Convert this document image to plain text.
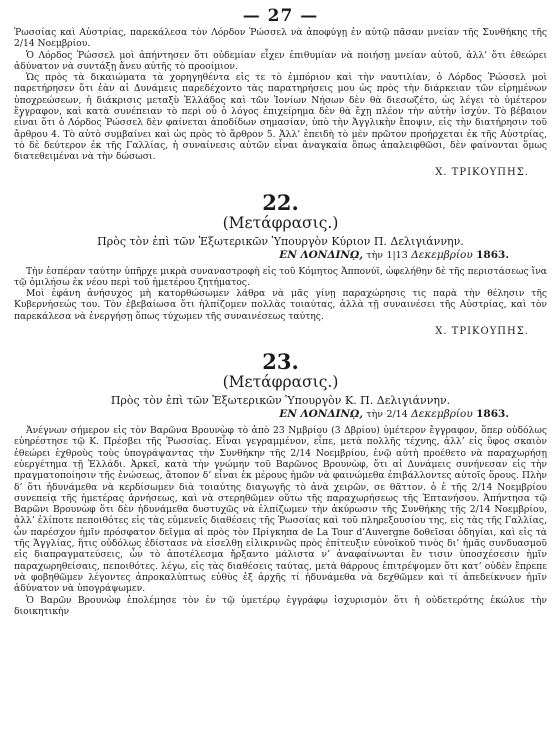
— 27 —

Ῥωσσίας καὶ Αὐστρίας, παρεκάλεσα τὸν Λόρδον Ῥώσσελ νὰ ἀποφύγῃ ἐν αὐτῷ πᾶσαν μνείαν τῆς Συνθήκης τῆς 2/14 Νοεμβρίου.

Ὁ Λόρδος Ῥώσσελ μοὶ ἀπήντησεν ὅτι οὐδεμίαν εἶχεν ἐπιθυμίαν νὰ ποιήσῃ μνείαν αὐτοῦ, ἀλλ’ ὅτι ἐθεώρει ἀδύνατον νὰ συντάξῃ ἄνευ αὐτῆς τὸ προοίμιον.

Ὡς πρὸς τὰ δικαιώματα τὰ χορηγηθέντα εἰς τε τὸ ἐμπόριον καὶ τὴν ναυτιλίαν, ὁ Λόρδος Ῥώσσελ μοὶ παρετήρησεν ὅτι ἐὰν αἱ Δυνάμεις παρεδέχοντο τὰς παρατηρήσεις μου ὡς πρὸς τὴν διάρκειαν τῶν εἰρημένων ὑποχρεώσεων, ἡ διάκρισις μεταξὺ Ἑλλάδος καὶ τῶν Ἰονίων Νήσων δὲν θὰ διεσωζέτο, ὡς λέγει τὸ ὑμέτερον ἔγγραφον, καὶ κατὰ συνέπειαν τὸ περὶ οὗ ὁ λόγος ἐπιχείρημα δὲν θὰ ἔχῃ πλέον τὴν αὐτὴν ἰσχύν. Τὸ βέβαιον εἶναι ὅτι ὁ Λόρδος Ῥώσσελ δὲν φαίνεται ἀποδίδων σημασίαν, ὑπὸ τὴν Ἀγγλικὴν ἔποψιν, εἰς τὴν διατήρησιν τοῦ ἄρθρου 4. Τὸ αὐτὸ συμβαίνει καὶ ὡς πρὸς τὸ ἄρθρον 5. Ἀλλ’ ἐπειδὴ τὸ μὲν πρῶτον προήρχεται ἐκ τῆς Αὐστρίας, τὸ δὲ δεύτερον ἐκ τῆς Γαλλίας, ἡ συναίνεσις αὐτῶν εἶναι ἀναγκαία ὅπως ἀπαλειφθῶσι, δὲν φαίνονται ὅμως διατεθειμέναι νὰ τὴν δώσωσι.

Χ. ΤΡΙΚΟΥΠΗΣ.
22.
(Μετάφρασις.)
Πρὸς τὸν ἐπὶ τῶν Ἐξωτερικῶν Ὑπουργὸν Κύριον Π. Δελιγιάννην.
ΕΝ ΛΟΝΔΙΝῼ, τὴν 1|13 Δεκεμβρίου 1863.

Τὴν ἑσπέραν ταύτην ὑπῆρχε μικρὰ συναναστροφὴ εἰς τοῦ Κόμητος Ἀππονύϊ, ὠφελήθην δὲ τῆς περιστάσεως ἵνα τῷ ὁμιλήσω ἐκ νέου περὶ τοῦ ἡμετέρου ζητήματος.

Μοὶ ἐφάνη ἀνήσυχος μὴ κατορθώσωμεν λάθρα νὰ μᾶς γίνῃ παραχώρησις τις παρὰ τὴν θέλησιν τῆς Κυβερνήσεώς του. Τὸν ἐβεβαίωσα ὅτι ἠλπίζομεν πολλὰς τοιαύτας, ἀλλὰ τῇ συναινέσει τῆς Αὐστρίας, καὶ τὸν παρεκάλεσα νὰ ἐνεργήσῃ ὅπως τύχωμεν τῆς συναινέσεως ταύτης.

Χ. ΤΡΙΚΟΥΠΗΣ.
23.
(Μετάφρασις.)
Πρὸς τὸν ἐπὶ τῶν Ἐξωτερικῶν Ὑπουργὸν Κ. Π. Δελιγιάννην.
ΕΝ ΛΟΝΔΙΝῼ, τὴν 2/14 Δεκεμβρίου 1863.

Ἀνέγνων σήμερον εἰς τὸν Βαρῶνα Βρουνὼφ τὸ ἀπὸ 23 Νμβρίου (3 Δβρίου) ὑμέτερον ἔγγραφον, ὅπερ οὐδόλως εὐηρέστησε τῷ Κ. Πρέσβει τῆς Ῥωσσίας. Εἶναι γεγραμμένον, εἶπε, μετὰ πολλῆς τέχνης, ἀλλ’ εἰς ὕφος σκαιὸν ἐθεώρει ἐχθροὺς τοὺς ὑπογράψαντας τὴν Συνθήκην τῆς 2/14 Νοεμβρίου, ἐνῷ αὐτὴ προέθετο νὰ παραχωρήσῃ εὐεργέτημα τῇ Ἑλλάδι. Ἀρκεῖ, κατὰ τὴν γνώμην τοῦ Βαρῶνος Βρουνὼφ, ὅτι αἱ Δυνάμεις συνήνεσαν εἰς τὴν πραγματοποίησιν τῆς ἑνώσεως, ἄτοπον δ’ εἶναι ἐκ μέρους ἡμῶν νὰ φαινώμεθα ἐπιβάλλοντες αὐτοῖς ὅρους. Πλὴν δ’ ὅτι ἠδυνάμεθα νὰ κερδίσωμεν διὰ τοιαύτης διαγωγῆς τὸ ἀνὰ χειρῶν, σε θᾶττον. ὁ ἐ τῆς 2/14 Νοεμβρίου συνεπείᾳ τῆς ἡμετέρας ἀρνήσεως, καὶ νὰ στερηθῶμεν οὕτω τῆς παραχωρήσεως τῆς Ἑπτανήσου. Ἀπήντησα τῷ Βαρῶνι Βρουνὼφ ὅτι δὲν ἠδυνάμεθα δυστυχῶς νὰ ἐλπίζωμεν τὴν ἀκύρωσιν τῆς Συνθήκης τῆς 2/14 Νοεμβρίου, ἀλλ’ ἐλίποτε πεποιθότες εἰς τὰς εὐμενεῖς διαθέσεις τῆς Ῥωσσίας καὶ τοῦ πληρεξουσίου της, εἰς τὰς τῆς Γαλλίας, ὧν παρέσχον ἡμῖν πρόσφατον δεῖγμα αἱ πρὸς τὸν Πρίγκηπα de La Tour d’Auvergne δοθεῖσαι ὁδηγίαι, καὶ εἰς τὰ τῆς Ἀγγλίας, ἥτις οὐδόλως ἐδίστασε νὰ εἰσελθῃ εἰλικρινῶς πρὸς ἐπίτευξιν εὐνοϊκοῦ τινὸς δι’ ἡμᾶς συνδυασμοῦ εἰς διαπραγματεύσεις, ὧν τὸ ἀποτέλεσμα ἤρξαντο μάλιστα ν’ ἀναφαίνωνται ἔν τισιν ὑποσχέσεσιν ἡμῖν παραχωρηθείσαις, πεποιθότες. λέγω, εἰς τὰς διαθέσεις ταύτας, μετὰ θάρρους ἐπιτρέψομεν ὅτι κατ’ οὐδὲν ἔπρεπε νὰ φοβηθῶμεν λέγοντες ἀπροκαλύπτως εὐθὺς ἐξ ἀρχῆς τί ἠδυνάμεθα νὰ δεχθῶμεν καὶ τί ἀπεδείκνυεν ἡμῖν ἀδύνατον νὰ ὑπογράψωμεν.

Ὁ Βαρῶν Βρουνὼφ ἐπολέμησε τὸν ἐν τῷ ὑμετέρῳ ἐγγράφῳ ἰσχυρισμὸν ὅτι ἡ οὐδετερότης ἐκώλυε τὴν διοικητικὴν
